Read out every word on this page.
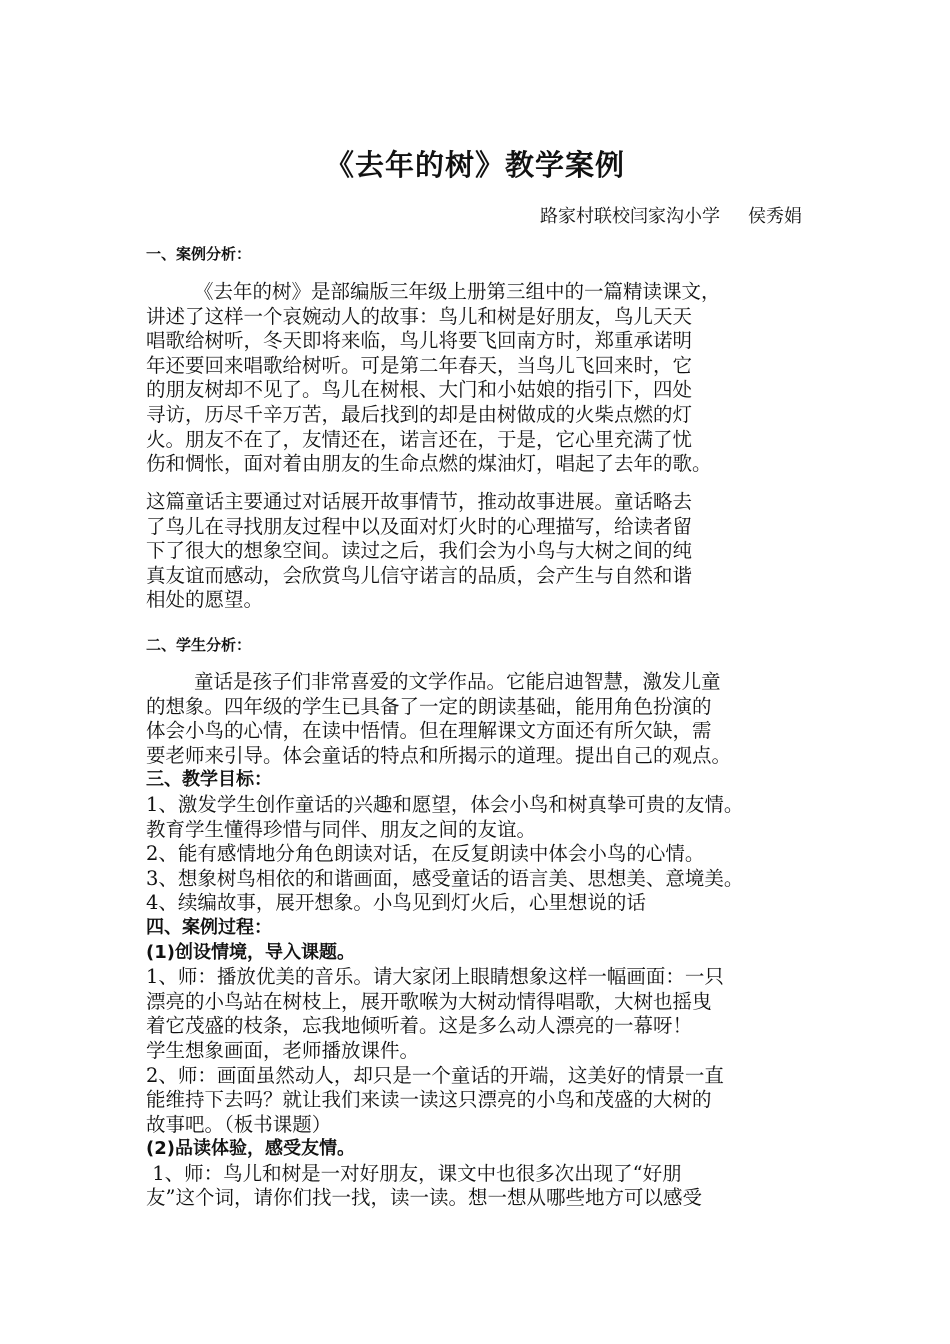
《去年的树》教学案例
路家村联校闫家沟小学 侯秀娟
一、案例分析：
《去年的树》是部编版三年级上册第三组中的一篇精读课文，
讲述了这样一个哀婉动人的故事：鸟儿和树是好朋友，鸟儿天天
唱歌给树听，冬天即将来临，鸟儿将要飞回南方时，郑重承诺明
年还要回来唱歌给树听。可是第二年春天，当鸟儿飞回来时，它
的朋友树却不见了。鸟儿在树根、大门和小姑娘的指引下，四处
寻访，历尽千辛万苦，最后找到的却是由树做成的火柴点燃的灯
火。朋友不在了，友情还在，诺言还在，于是，它心里充满了忧
伤和惆怅，面对着由朋友的生命点燃的煤油灯，唱起了去年的歌。
这篇童话主要通过对话展开故事情节，推动故事进展。童话略去
了鸟儿在寻找朋友过程中以及面对灯火时的心理描写，给读者留
下了很大的想象空间。读过之后，我们会为小鸟与大树之间的纯
真友谊而感动，会欣赏鸟儿信守诺言的品质，会产生与自然和谐
相处的愿望。
二、学生分析：
童话是孩子们非常喜爱的文学作品。它能启迪智慧，激发儿童
的想象。四年级的学生已具备了一定的朗读基础，能用角色扮演的
体会小鸟的心情，在读中悟情。但在理解课文方面还有所欠缺，需
要老师来引导。体会童话的特点和所揭示的道理。提出自己的观点。
三、教学目标：
1、激发学生创作童话的兴趣和愿望，体会小鸟和树真挚可贵的友情。
教育学生懂得珍惜与同伴、朋友之间的友谊。
2、能有感情地分角色朗读对话，在反复朗读中体会小鸟的心情。
3、想象树鸟相依的和谐画面，感受童话的语言美、思想美、意境美。
4、续编故事，展开想象。小鸟见到灯火后，心里想说的话
四、案例过程：
(1)创设情境，导入课题。
1、师：播放优美的音乐。请大家闭上眼睛想象这样一幅画面：一只
漂亮的小鸟站在树枝上，展开歌喉为大树动情得唱歌，大树也摇曳
着它茂盛的枝条，忘我地倾听着。这是多么动人漂亮的一幕呀！
学生想象画面，老师播放课件。
2、师：画面虽然动人，却只是一个童话的开端，这美好的情景一直
能维持下去吗？就让我们来读一读这只漂亮的小鸟和茂盛的大树的
故事吧。（板书课题）
(2)品读体验，感受友情。
1、师：鸟儿和树是一对好朋友，课文中也很多次出现了“好朋
友”这个词，请你们找一找，读一读。想一想从哪些地方可以感受
